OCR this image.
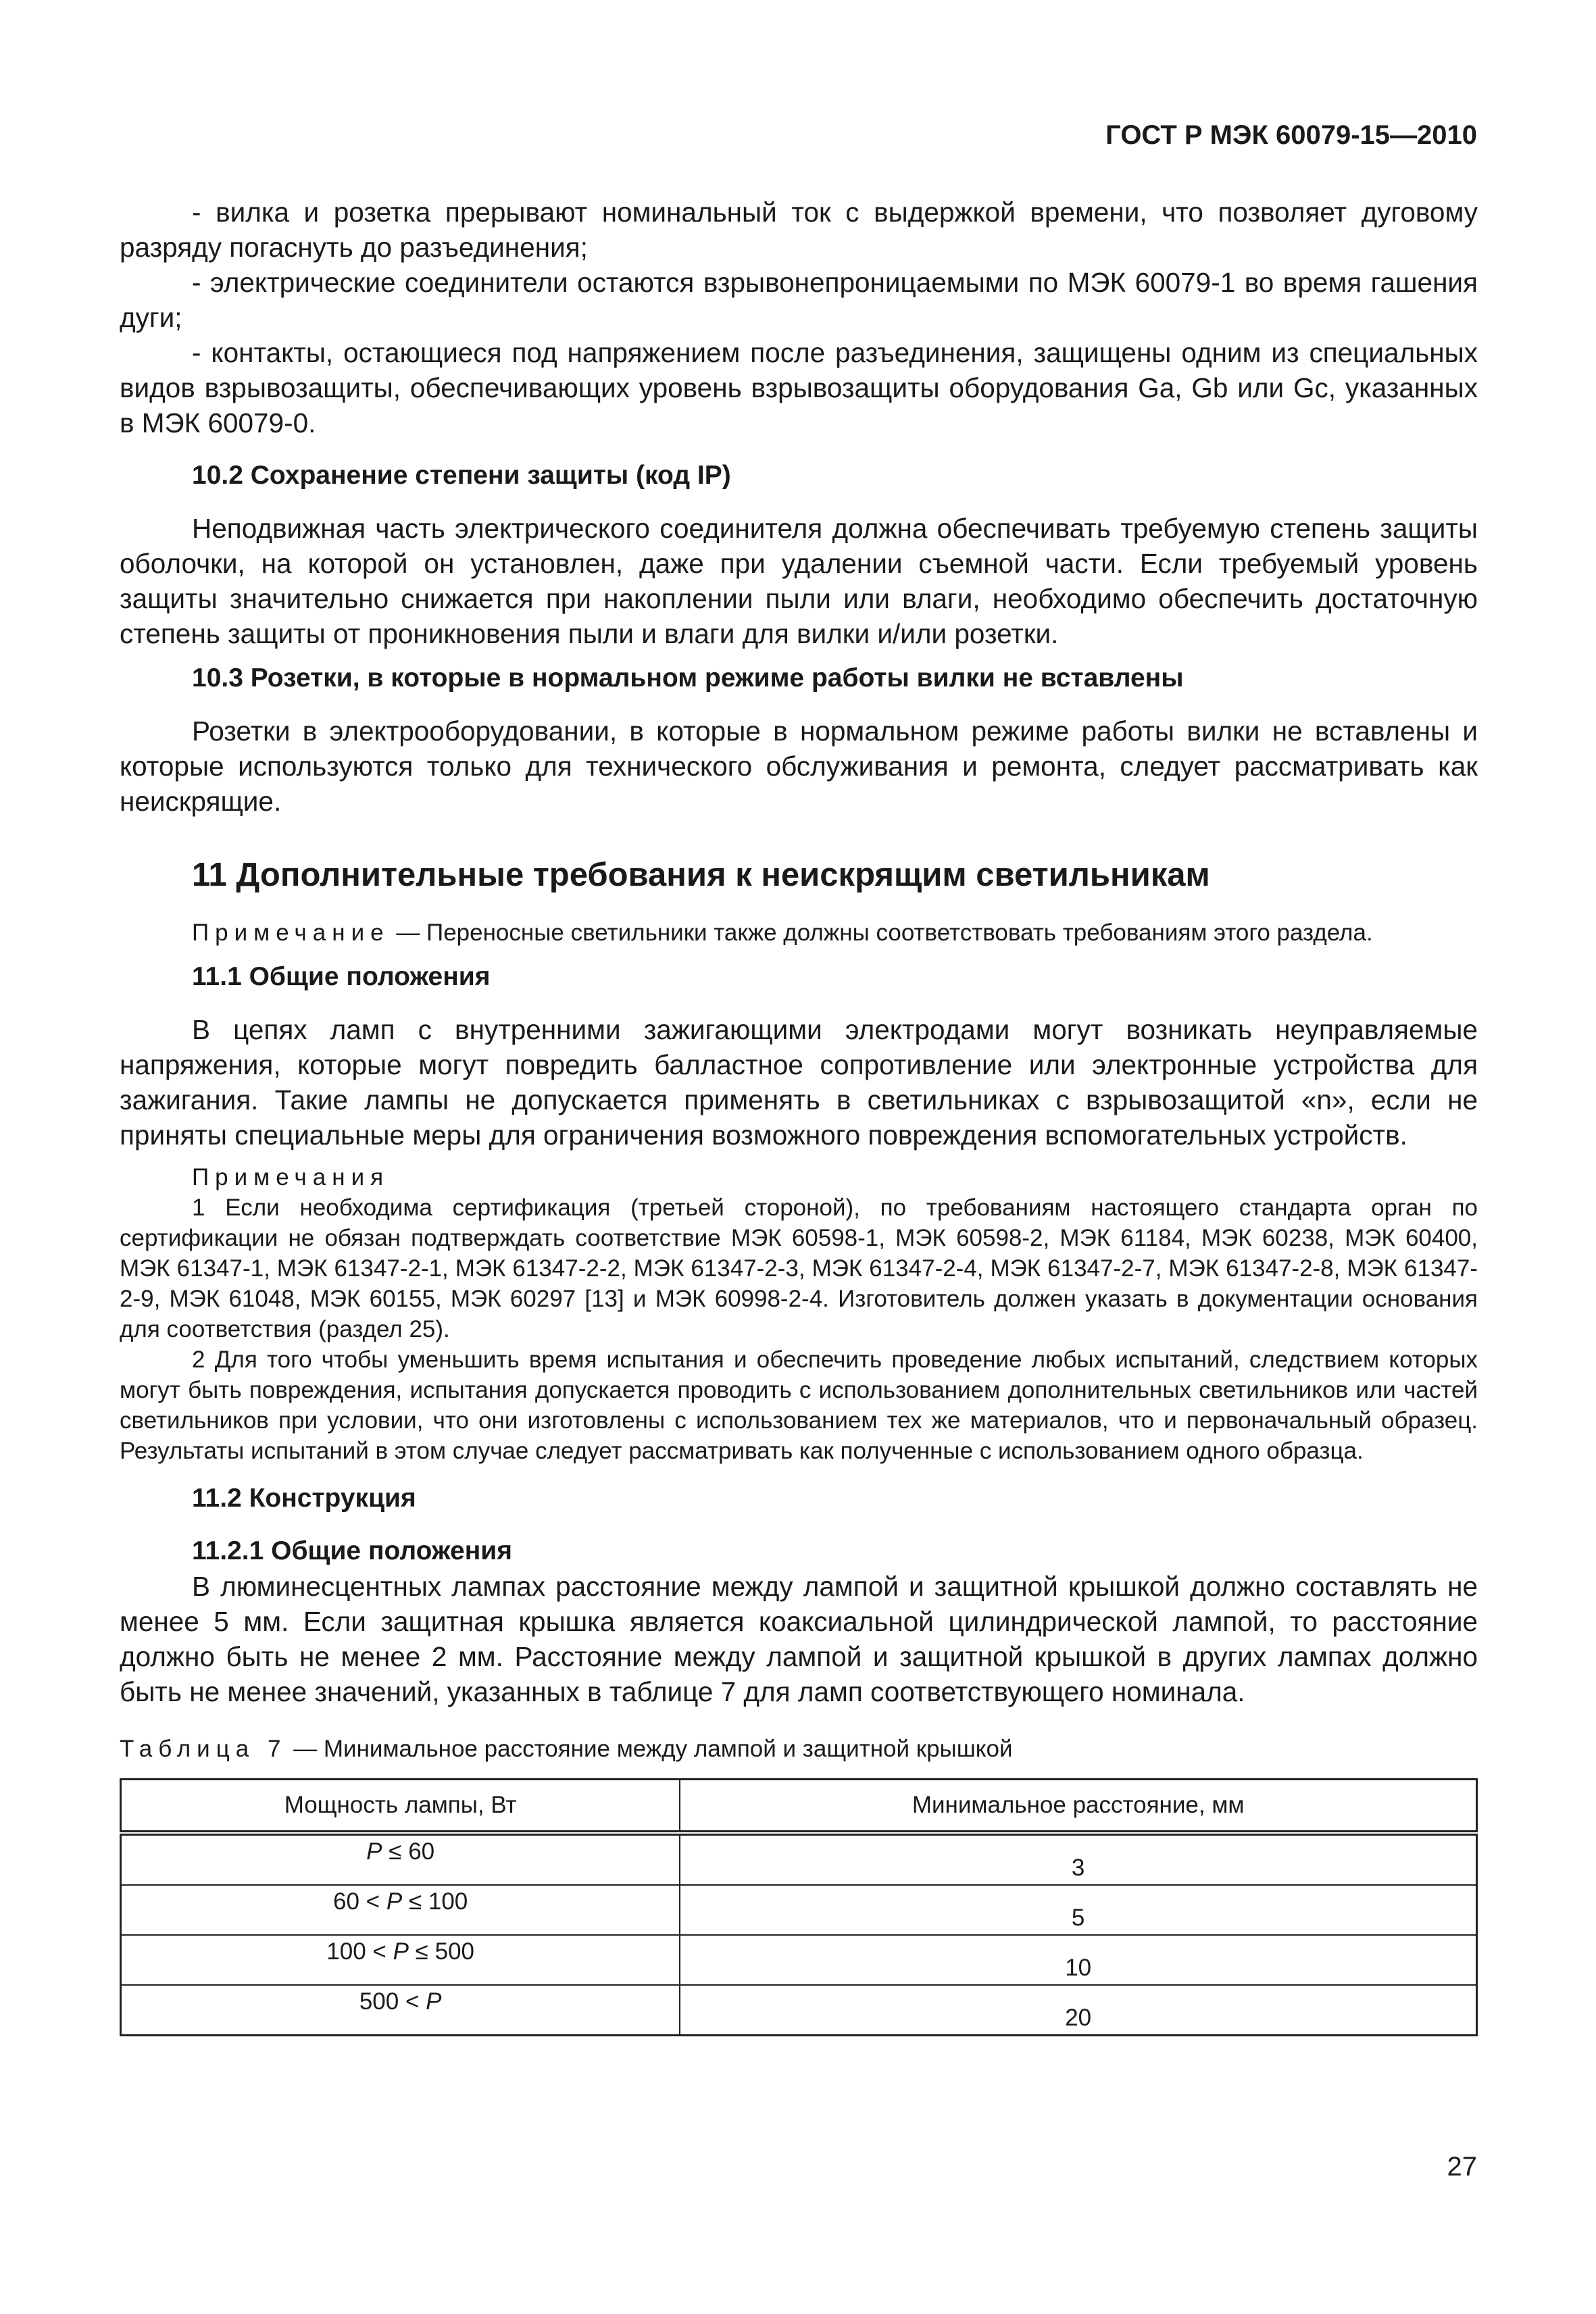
ГОСТ Р МЭК 60079-15—2010

- вилка и розетка прерывают номинальный ток с выдержкой времени, что позволяет дуговому разряду погаснуть до разъединения;

- электрические соединители остаются взрывонепроницаемыми по МЭК 60079-1 во время гашения дуги;

- контакты, остающиеся под напряжением после разъединения, защищены одним из специальных видов взрывозащиты, обеспечивающих уровень взрывозащиты оборудования Ga, Gb или Gc, указанных в МЭК 60079-0.

10.2 Сохранение степени защиты (код IP)

Неподвижная часть электрического соединителя должна обеспечивать требуемую степень защиты оболочки, на которой он установлен, даже при удалении съемной части. Если требуемый уровень защиты значительно снижается при накоплении пыли или влаги, необходимо обеспечить достаточную степень защиты от проникновения пыли и влаги для вилки и/или розетки.

10.3 Розетки, в которые в нормальном режиме работы вилки не вставлены

Розетки в электрооборудовании, в которые в нормальном режиме работы вилки не вставлены и которые используются только для технического обслуживания и ремонта, следует рассматривать как неискрящие.

11 Дополнительные требования к неискрящим светильникам

Примечание — Переносные светильники также должны соответствовать требованиям этого раздела.

11.1 Общие положения

В цепях ламп с внутренними зажигающими электродами могут возникать неуправляемые напряжения, которые могут повредить балластное сопротивление или электронные устройства для зажигания. Такие лампы не допускается применять в светильниках с взрывозащитой «n», если не приняты специальные меры для ограничения возможного повреждения вспомогательных устройств.

Примечания

1 Если необходима сертификация (третьей стороной), по требованиям настоящего стандарта орган по сертификации не обязан подтверждать соответствие МЭК 60598-1, МЭК 60598-2, МЭК 61184, МЭК 60238, МЭК 60400, МЭК 61347-1, МЭК 61347-2-1, МЭК 61347-2-2, МЭК 61347-2-3, МЭК 61347-2-4, МЭК 61347-2-7, МЭК 61347-2-8, МЭК 61347-2-9, МЭК 61048, МЭК 60155, МЭК 60297 [13] и МЭК 60998-2-4. Изготовитель должен указать в документации основания для соответствия (раздел 25).

2 Для того чтобы уменьшить время испытания и обеспечить проведение любых испытаний, следствием которых могут быть повреждения, испытания допускается проводить с использованием дополнительных светильников или частей светильников при условии, что они изготовлены с использованием тех же материалов, что и первоначальный образец. Результаты испытаний в этом случае следует рассматривать как полученные с использованием одного образца.

11.2 Конструкция

11.2.1 Общие положения

В люминесцентных лампах расстояние между лампой и защитной крышкой должно составлять не менее 5 мм. Если защитная крышка является коаксиальной цилиндрической лампой, то расстояние должно быть не менее 2 мм. Расстояние между лампой и защитной крышкой в других лампах должно быть не менее значений, указанных в таблице 7 для ламп соответствующего номинала.

Таблица 7 — Минимальное расстояние между лампой и защитной крышкой

Мощность лампы, Вт	Минимальное расстояние, мм
P ≤ 60	3
60 < P ≤ 100	5
100 < P ≤ 500	10
500 < P	20
27
